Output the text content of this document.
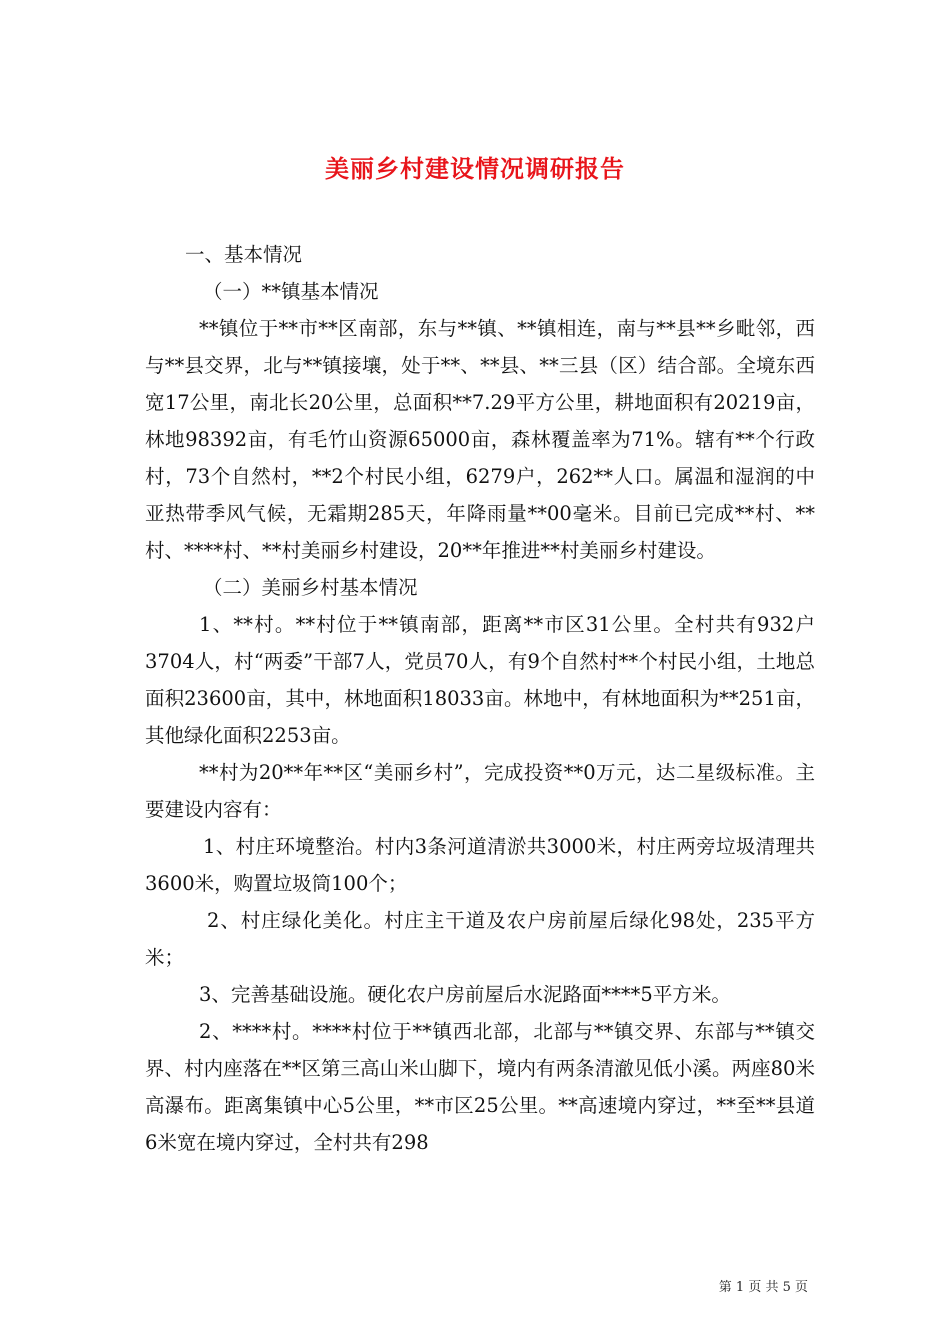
美丽乡村建设情况调研报告

一、基本情况

（一）**镇基本情况

**镇位于**市**区南部，东与**镇、**镇相连，南与**县**乡毗邻，西与**县交界，北与**镇接壤，处于**、**县、**三县（区）结合部。全境东西宽17公里，南北长20公里，总面积**7.29平方公里，耕地面积有20219亩，林地98392亩，有毛竹山资源65000亩，森林覆盖率为71%。辖有**个行政村，73个自然村，**2个村民小组，6279户，262**人口。属温和湿润的中亚热带季风气候，无霜期285天，年降雨量**00毫米。目前已完成**村、**村、****村、**村美丽乡村建设，20**年推进**村美丽乡村建设。

（二）美丽乡村基本情况

1、**村。**村位于**镇南部，距离**市区31公里。全村共有932户3704人，村“两委”干部7人，党员70人，有9个自然村**个村民小组，土地总面积23600亩，其中，林地面积18033亩。林地中，有林地面积为**251亩，其他绿化面积2253亩。

**村为20**年**区“美丽乡村”，完成投资**0万元，达二星级标准。主要建设内容有：

1、村庄环境整治。村内3条河道清淤共3000米，村庄两旁垃圾清理共3600米，购置垃圾筒100个；

2、村庄绿化美化。村庄主干道及农户房前屋后绿化98处，235平方米；

3、完善基础设施。硬化农户房前屋后水泥路面****5平方米。

2、****村。****村位于**镇西北部，北部与**镇交界、东部与**镇交界、村内座落在**区第三高山米山脚下，境内有两条清澈见低小溪。两座80米高瀑布。距离集镇中心5公里，**市区25公里。**高速境内穿过，**至**县道6米宽在境内穿过，全村共有298

第 1 页 共 5 页
